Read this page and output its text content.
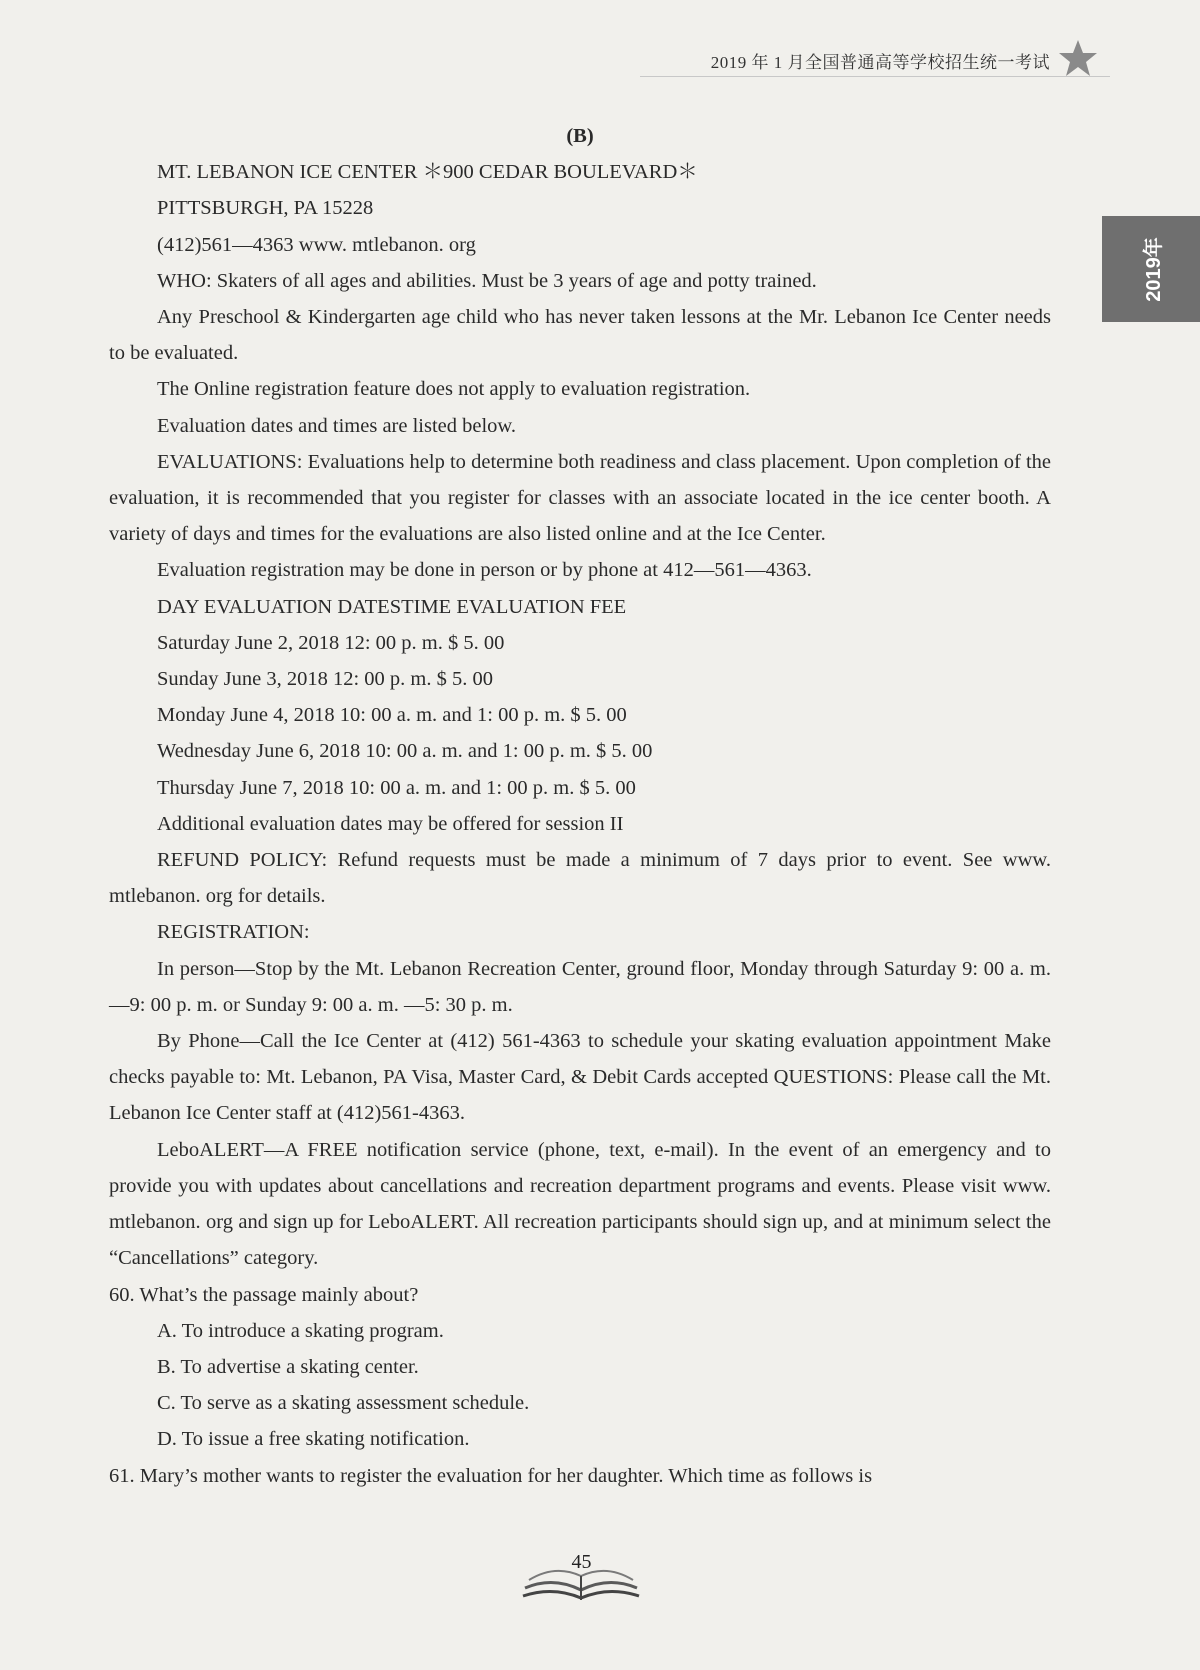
2019 年 1 月全国普通高等学校招生统一考试
2019年

(B)

MT. LEBANON ICE CENTER ＊900 CEDAR BOULEVARD＊

PITTSBURGH, PA 15228

(412)561—4363 www. mtlebanon. org

WHO: Skaters of all ages and abilities. Must be 3 years of age and potty trained.

Any Preschool & Kindergarten age child who has never taken lessons at the Mr. Lebanon Ice Center needs to be evaluated.

The Online registration feature does not apply to evaluation registration.

Evaluation dates and times are listed below.

EVALUATIONS: Evaluations help to determine both readiness and class placement. Upon completion of the evaluation, it is recommended that you register for classes with an associate located in the ice center booth. A variety of days and times for the evaluations are also listed online and at the Ice Center.

Evaluation registration may be done in person or by phone at 412—561—4363.

DAY EVALUATION DATESTIME EVALUATION FEE

Saturday June 2, 2018 12: 00 p. m. $ 5. 00

Sunday June 3, 2018 12: 00 p. m. $ 5. 00

Monday June 4, 2018 10: 00 a. m. and 1: 00 p. m. $ 5. 00

Wednesday June 6, 2018 10: 00 a. m. and 1: 00 p. m. $ 5. 00

Thursday June 7, 2018 10: 00 a. m. and 1: 00 p. m. $ 5. 00

Additional evaluation dates may be offered for session II

REFUND POLICY: Refund requests must be made a minimum of 7 days prior to event. See www. mtlebanon. org for details.

REGISTRATION:

In person—Stop by the Mt. Lebanon Recreation Center, ground floor, Monday through Saturday 9: 00 a. m. —9: 00 p. m. or Sunday 9: 00 a. m. —5: 30 p. m.

By Phone—Call the Ice Center at (412) 561-4363 to schedule your skating evaluation appointment Make checks payable to: Mt. Lebanon, PA Visa, Master Card, & Debit Cards accepted QUESTIONS: Please call the Mt. Lebanon Ice Center staff at (412)561-4363.

LeboALERT—A FREE notification service (phone, text, e-mail). In the event of an emergency and to provide you with updates about cancellations and recreation department programs and events. Please visit www. mtlebanon. org and sign up for LeboALERT. All recreation participants should sign up, and at minimum select the “Cancellations” category.

60. What’s the passage mainly about?

A. To introduce a skating program.

B. To advertise a skating center.

C. To serve as a skating assessment schedule.

D. To issue a free skating notification.

61. Mary’s mother wants to register the evaluation for her daughter. Which time as follows is

45
